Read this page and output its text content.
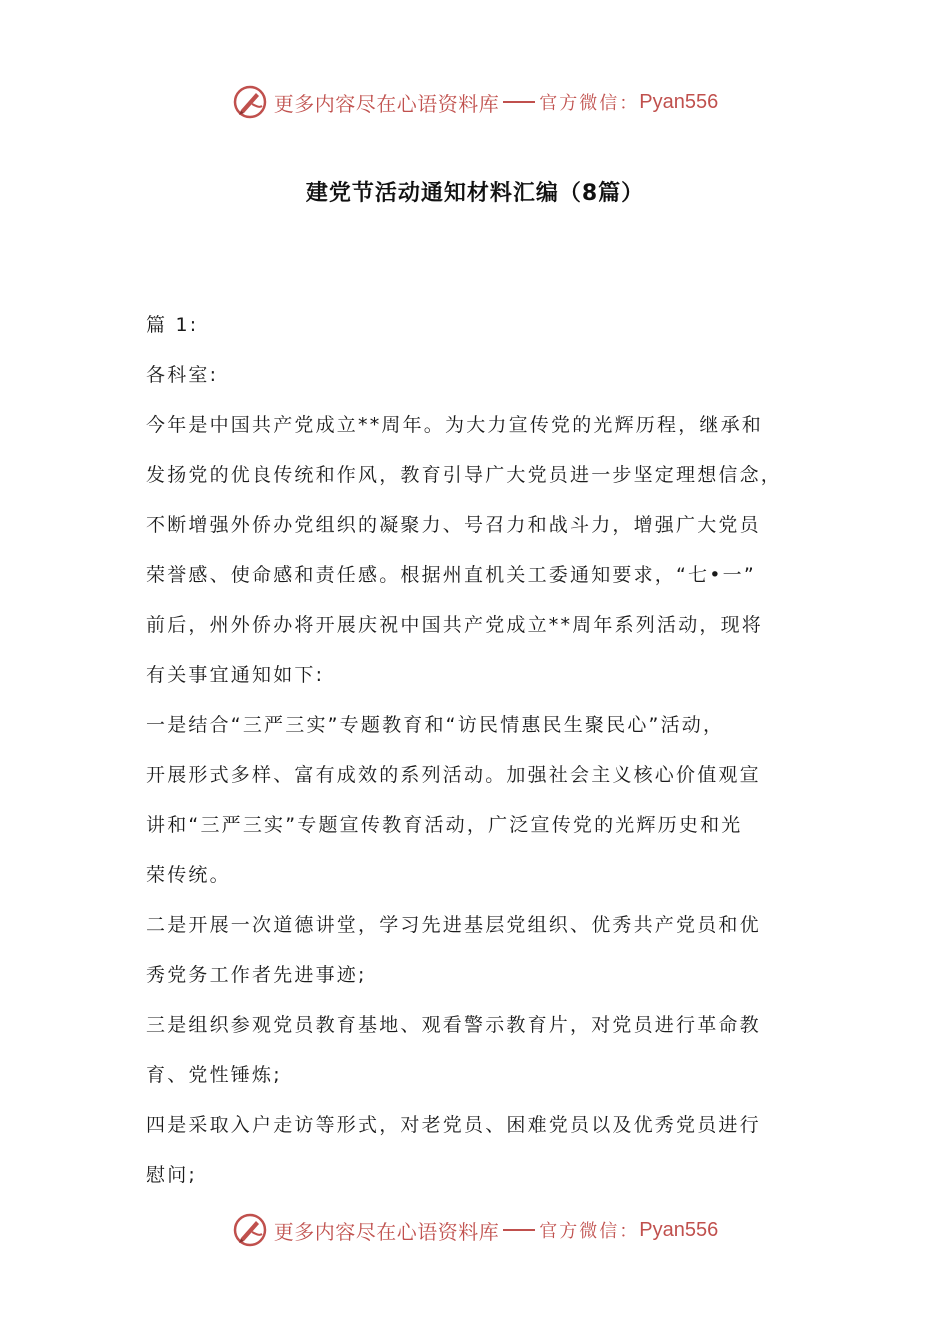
更多内容尽在心语资料库 官方微信： Pyan556
建党节活动通知材料汇编（8篇）

篇 1:

各科室:

今年是中国共产党成立**周年。为大力宣传党的光辉历程，继承和

发扬党的优良传统和作风，教育引导广大党员进一步坚定理想信念，

不断增强外侨办党组织的凝聚力、号召力和战斗力，增强广大党员

荣誉感、使命感和责任感。根据州直机关工委通知要求，“七•一”

前后，州外侨办将开展庆祝中国共产党成立**周年系列活动，现将

有关事宜通知如下:

一是结合“三严三实”专题教育和“访民情惠民生聚民心”活动，

开展形式多样、富有成效的系列活动。加强社会主义核心价值观宣

讲和“三严三实”专题宣传教育活动，广泛宣传党的光辉历史和光

荣传统。

二是开展一次道德讲堂，学习先进基层党组织、优秀共产党员和优

秀党务工作者先进事迹;

三是组织参观党员教育基地、观看警示教育片，对党员进行革命教

育、党性锤炼;

四是采取入户走访等形式，对老党员、困难党员以及优秀党员进行

慰问;

更多内容尽在心语资料库 官方微信： Pyan556
